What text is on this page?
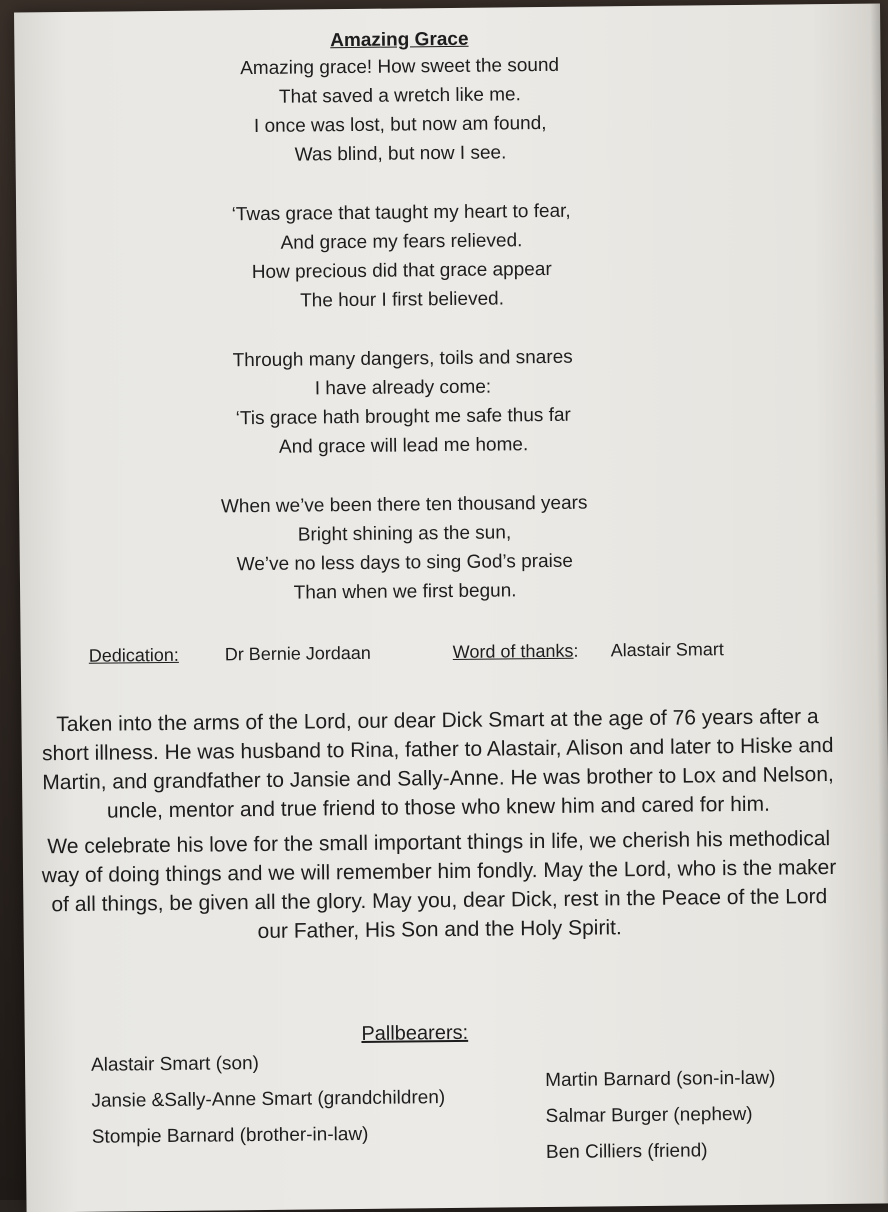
Amazing Grace

Amazing grace! How sweet the sound
That saved a wretch like me.
I once was lost, but now am found,
Was blind, but now I see.
‘Twas grace that taught my heart to fear,
And grace my fears relieved.
How precious did that grace appear
The hour I first believed.
Through many dangers, toils and snares
I have already come:
‘Tis grace hath brought me safe thus far
And grace will lead me home.
When we’ve been there ten thousand years
Bright shining as the sun,
We’ve no less days to sing God’s praise
Than when we first begun.
Dedication:	Dr Bernie Jordaan	Word of thanks: Alastair Smart

Taken into the arms of the Lord, our dear Dick Smart at the age of 76 years after a short illness. He was husband to Rina, father to Alastair, Alison and later to Hiske and Martin, and grandfather to Jansie and Sally-Anne. He was brother to Lox and Nelson, uncle, mentor and true friend to those who knew him and cared for him.

We celebrate his love for the small important things in life, we cherish his methodical way of doing things and we will remember him fondly. May the Lord, who is the maker of all things, be given all the glory. May you, dear Dick, rest in the Peace of the Lord our Father, His Son and the Holy Spirit.

Pallbearers:
Alastair Smart (son)
Jansie &Sally-Anne Smart (grandchildren)
Stompie Barnard (brother-in-law)
Martin Barnard (son-in-law)
Salmar Burger (nephew)
Ben Cilliers (friend)
